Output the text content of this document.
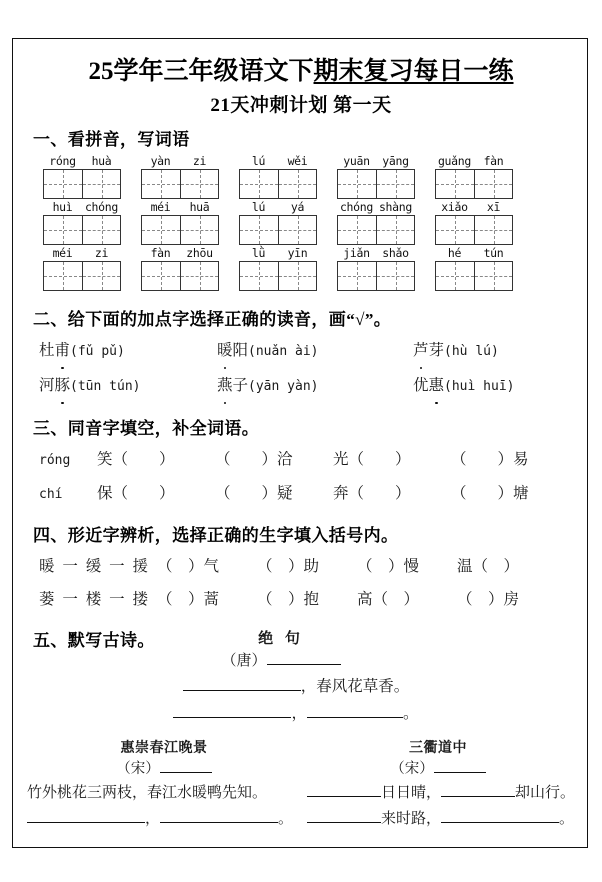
25学年三年级语文下期末复习每日一练
21天冲刺计划 第一天
一、看拼音，写词语
róng	huà	yàn	zi	lú	wěi	yuān	yāng	guǎng	fàn
huì	chóng	méi	huā	lú	yá	chóng shàng	xiǎo	xī
méi	zi	fàn	zhōu	lǜ	yīn	jiǎn	shǎo	hé	tún
二、给下面的加点字选择正确的读音，画“√”。
杜甫(fǔ pǔ)	暖阳(nuǎn ài)	芦芽(hù lú)
河豚(tūn tún)	燕子(yān yàn)	优惠(huì huī)
三、同音字填空，补全词语。
róng 笑（　　）	（　　）洽	光（　　）	（　　）易
chí 保（　　）	（　　）疑	奔（　　）	（　　）塘
四、形近字辨析，选择正确的生字填入括号内。
暖 一 缓 一 援 （　）气 （　）助 （　）慢 温（　）
蒌 一 楼 一 搂 （　）蒿 （　）抱 高（　） （　）房
五、默写古诗。	绝 句
（唐）
，春风花草香。
，	。
惠崇春江晚景
（宋）
竹外桃花三两枝，春江水暖鸭先知。
，	。
三衢道中
（宋）
日日晴，	却山行。
来时路，	。
